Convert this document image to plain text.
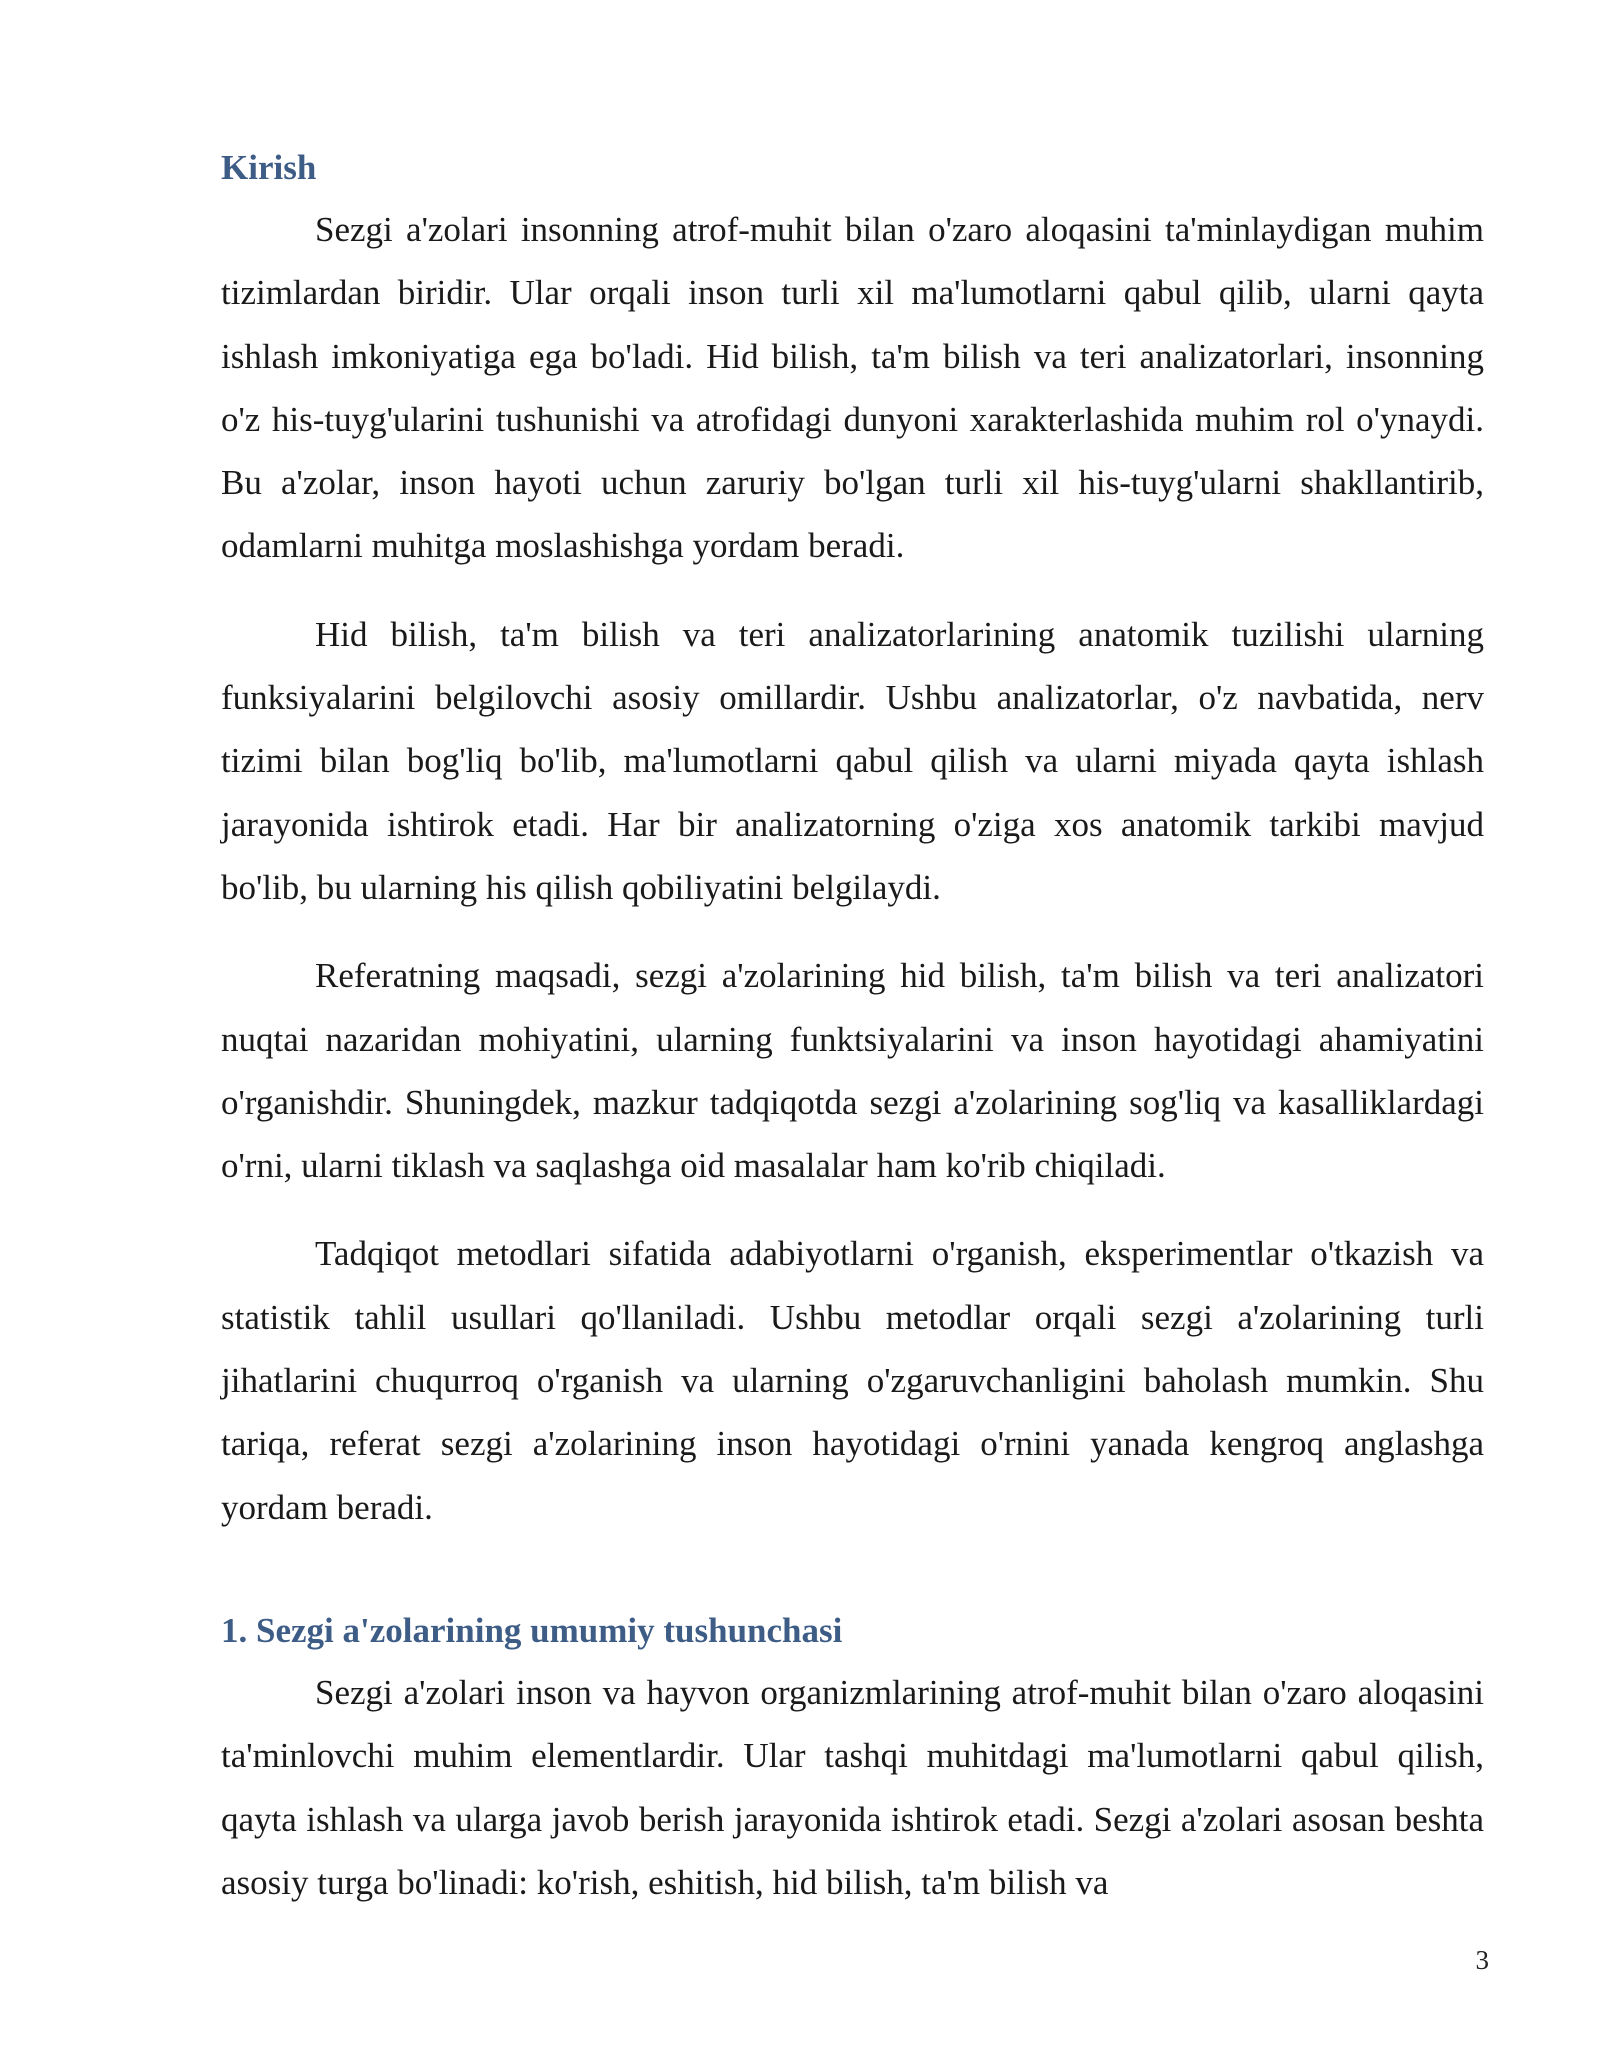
Kirish

Sezgi a'zolari insonning atrof-muhit bilan o'zaro aloqasini ta'minlaydigan muhim tizimlardan biridir. Ular orqali inson turli xil ma'lumotlarni qabul qilib, ularni qayta ishlash imkoniyatiga ega bo'ladi. Hid bilish, ta'm bilish va teri analizatorlari, insonning o'z his-tuyg'ularini tushunishi va atrofidagi dunyoni xarakterlashida muhim rol o'ynaydi. Bu a'zolar, inson hayoti uchun zaruriy bo'lgan turli xil his-tuyg'ularni shakllantirib, odamlarni muhitga moslashishga yordam beradi.

Hid bilish, ta'm bilish va teri analizatorlarining anatomik tuzilishi ularning funksiyalarini belgilovchi asosiy omillardir. Ushbu analizatorlar, o'z navbatida, nerv tizimi bilan bog'liq bo'lib, ma'lumotlarni qabul qilish va ularni miyada qayta ishlash jarayonida ishtirok etadi. Har bir analizatorning o'ziga xos anatomik tarkibi mavjud bo'lib, bu ularning his qilish qobiliyatini belgilaydi.

Referatning maqsadi, sezgi a'zolarining hid bilish, ta'm bilish va teri analizatori nuqtai nazaridan mohiyatini, ularning funktsiyalarini va inson hayotidagi ahamiyatini o'rganishdir. Shuningdek, mazkur tadqiqotda sezgi a'zolarining sog'liq va kasalliklardagi o'rni, ularni tiklash va saqlashga oid masalalar ham ko'rib chiqiladi.

Tadqiqot metodlari sifatida adabiyotlarni o'rganish, eksperimentlar o'tkazish va statistik tahlil usullari qo'llaniladi. Ushbu metodlar orqali sezgi a'zolarining turli jihatlarini chuqurroq o'rganish va ularning o'zgaruvchanligini baholash mumkin. Shu tariqa, referat sezgi a'zolarining inson hayotidagi o'rnini yanada kengroq anglashga yordam beradi.

1. Sezgi a'zolarining umumiy tushunchasi

Sezgi a'zolari inson va hayvon organizmlarining atrof-muhit bilan o'zaro aloqasini ta'minlovchi muhim elementlardir. Ular tashqi muhitdagi ma'lumotlarni qabul qilish, qayta ishlash va ularga javob berish jarayonida ishtirok etadi. Sezgi a'zolari asosan beshta asosiy turga bo'linadi: ko'rish, eshitish, hid bilish, ta'm bilish va

3
